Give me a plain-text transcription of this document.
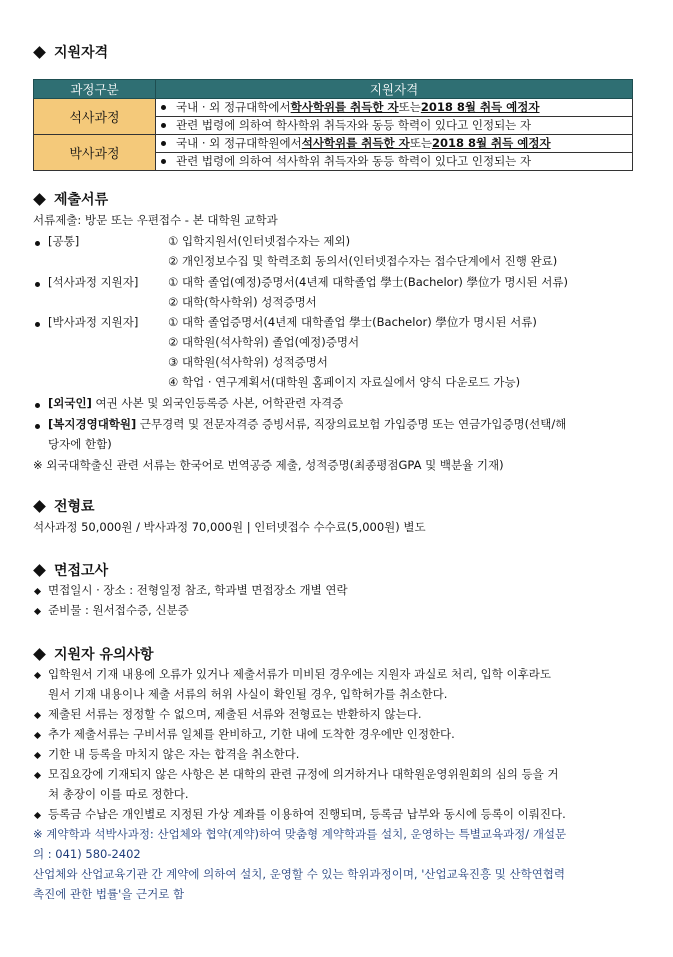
지원자격
과정구분	지원자격
석사과정	국내 · 외 정규대학에서 학사학위를 취득한 자 또는 2018 8월 취득 예정자
관련 법령에 의하여 학사학위 취득자와 동등 학력이 있다고 인정되는 자

박사과정	국내 · 외 정규대학원에서 석사학위를 취득한 자 또는 2018 8월 취득 예정자
관련 법령에 의하여 석사학위 취득자와 동등 학력이 있다고 인정되는 자
제출서류
서류제출: 방문 또는 우편접수 - 본 대학원 교학과
[공통]	① 입학지원서(인터넷접수자는 제외)
② 개인정보수집 및 학력조회 동의서(인터넷접수자는 접수단계에서 진행 완료)
[석사과정 지원자]	① 대학 졸업(예정)증명서(4년제 대학졸업 學士(Bachelor) 學位가 명시된 서류)
② 대학(학사학위) 성적증명서
[박사과정 지원자]	① 대학 졸업증명서(4년제 대학졸업 學士(Bachelor) 學位가 명시된 서류)
② 대학원(석사학위) 졸업(예정)증명서
③ 대학원(석사학위) 성적증명서
④ 학업 · 연구계획서(대학원 홈페이지 자료실에서 양식 다운로드 가능)
[외국인] 여권 사본 및 외국인등록증 사본, 어학관련 자격증
[복지경영대학원] 근무경력 및 전문자격증 증빙서류, 직장의료보험 가입증명 또는 연금가입증명(선택/해
당자에 한함)
※ 외국대학출신 관련 서류는 한국어로 번역공증 제출, 성적증명(최종평점GPA 및 백분율 기재)
전형료
석사과정 50,000원 / 박사과정 70,000원 | 인터넷접수 수수료(5,000원) 별도
면접고사
면접일시 · 장소 : 전형일정 참조, 학과별 면접장소 개별 연락
준비물 : 원서접수증, 신분증
지원자 유의사항
입학원서 기재 내용에 오류가 있거나 제출서류가 미비된 경우에는 지원자 과실로 처리, 입학 이후라도
원서 기재 내용이나 제출 서류의 허위 사실이 확인될 경우, 입학허가를 취소한다.
제출된 서류는 정정할 수 없으며, 제출된 서류와 전형료는 반환하지 않는다.
추가 제출서류는 구비서류 일체를 완비하고, 기한 내에 도착한 경우에만 인정한다.
기한 내 등록을 마치지 않은 자는 합격을 취소한다.
모집요강에 기재되지 않은 사항은 본 대학의 관련 규정에 의거하거나 대학원운영위원회의 심의 등을 거
쳐 총장이 이를 따로 정한다.
등록금 수납은 개인별로 지정된 가상 계좌를 이용하여 진행되며, 등록금 납부와 동시에 등록이 이뤄진다.
※ 계약학과 석박사과정: 산업체와 협약(계약)하여 맞춤형 계약학과를 설치, 운영하는 특별교육과정/ 개설문
의 : 041) 580-2402
산업체와 산업교육기관 간 계약에 의하여 설치, 운영할 수 있는 학위과정이며, '산업교육진흥 및 산학연협력
촉진에 관한 법률'을 근거로 함
